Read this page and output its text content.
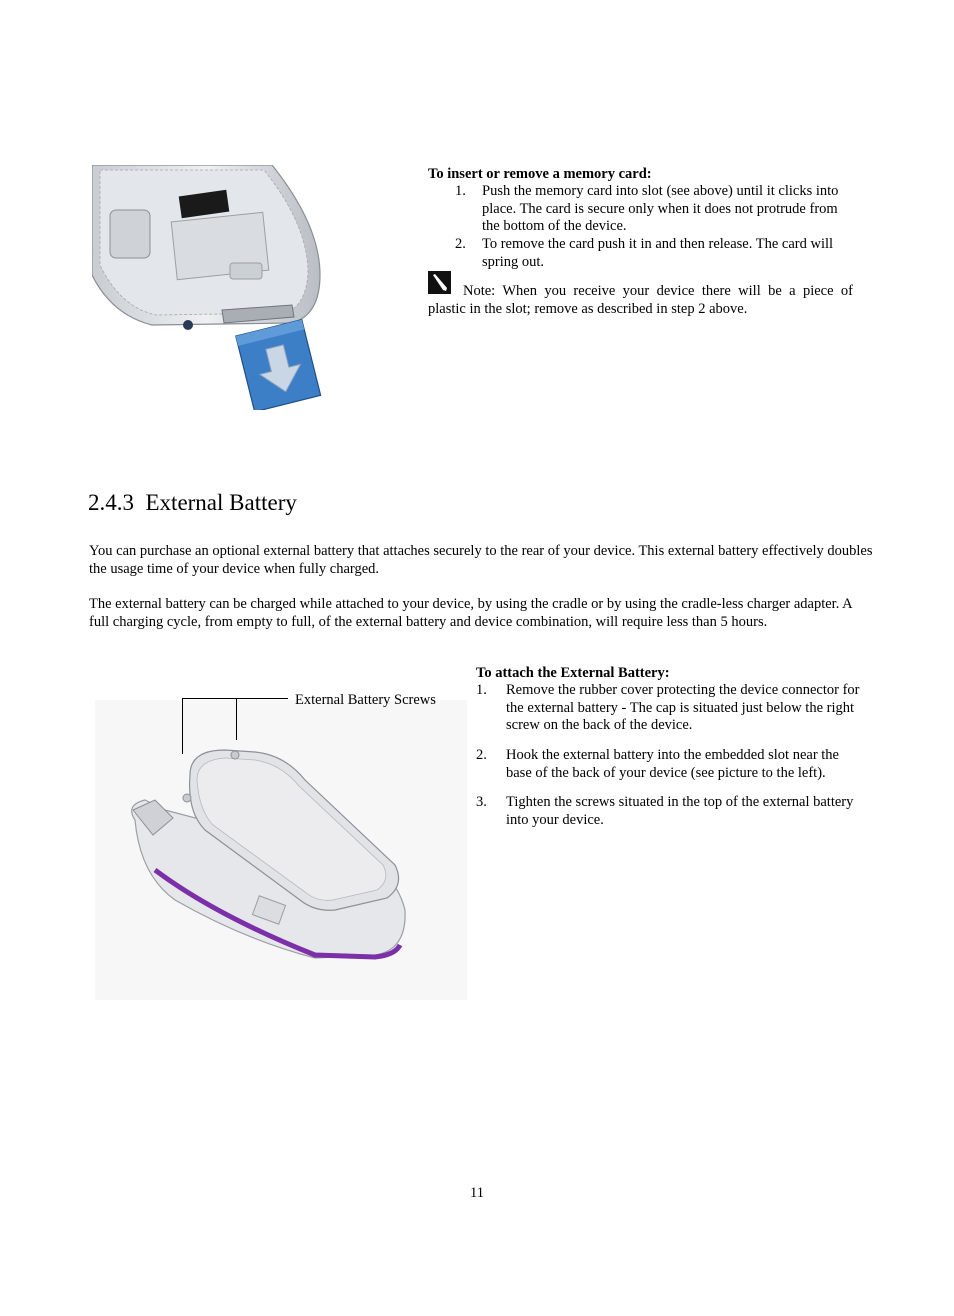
To insert or remove a memory card:
1. Push the memory card into slot (see above) until it clicks into place. The card is secure only when it does not protrude from the bottom of the device.
2. To remove the card push it in and then release. The card will spring out.
Note: When you receive your device there will be a piece of plastic in the slot; remove as described in step 2 above.
2.4.3 External Battery
You can purchase an optional external battery that attaches securely to the rear of your device. This external battery effectively doubles the usage time of your device when fully charged.
The external battery can be charged while attached to your device, by using the cradle or by using the cradle-less charger adapter. A full charging cycle, from empty to full, of the external battery and device combination, will require less than 5 hours.
External Battery Screws
To attach the External Battery:
1. Remove the rubber cover protecting the device connector for the external battery - The cap is situated just below the right screw on the back of the device.
2. Hook the external battery into the embedded slot near the base of the back of your device (see picture to the left).
3. Tighten the screws situated in the top of the external battery into your device.
11
